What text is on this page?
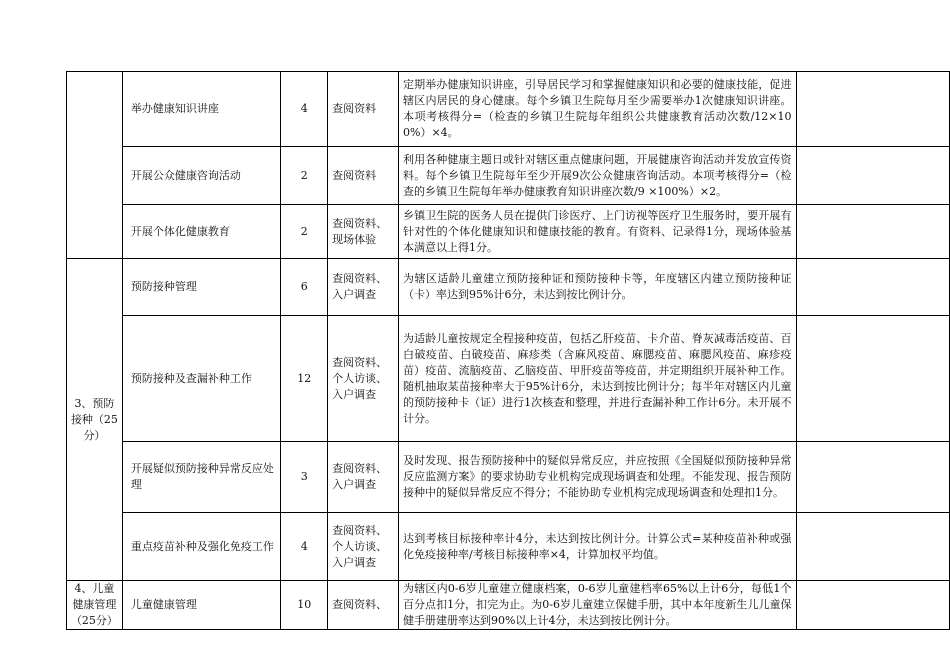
	举办健康知识讲座	4	查阅资料	定期举办健康知识讲座，引导居民学习和掌握健康知识和必要的健康技能，促进辖区内居民的身心健康。每个乡镇卫生院每月至少需要举办1次健康知识讲座。本项考核得分=（检查的乡镇卫生院每年组织公共健康教育活动次数/12×100%）×4。	
	开展公众健康咨询活动	2	查阅资料	利用各种健康主题日或针对辖区重点健康问题，开展健康咨询活动并发放宣传资料。每个乡镇卫生院每年至少开展9次公众健康咨询活动。本项考核得分=（检查的乡镇卫生院每年举办健康教育知识讲座次数/9 ×100%）×2。	
	开展个体化健康教育	2	查阅资料、现场体验	乡镇卫生院的医务人员在提供门诊医疗、上门访视等医疗卫生服务时，要开展有针对性的个体化健康知识和健康技能的教育。有资料、记录得1分，现场体验基本满意以上得1分。	
3、预防接种（25分）	预防接种管理	6	查阅资料、入户调查	为辖区适龄儿童建立预防接种证和预防接种卡等，年度辖区内建立预防接种证（卡）率达到95%计6分，未达到按比例计分。	
	预防接种及查漏补种工作	12	查阅资料、个人访谈、入户调查	为适龄儿童按规定全程接种疫苗，包括乙肝疫苗、卡介苗、脊灰减毒活疫苗、百白破疫苗、白破疫苗、麻疹类（含麻风疫苗、麻腮疫苗、麻腮风疫苗、麻疹疫苗）疫苗、流脑疫苗、乙脑疫苗、甲肝疫苗等疫苗，并定期组织开展补种工作。随机抽取某苗接种率大于95%计6分，未达到按比例计分；每半年对辖区内儿童的预防接种卡（证）进行1次核查和整理，并进行查漏补种工作计6分。未开展不计分。	
	开展疑似预防接种异常反应处理	3	查阅资料、入户调查	及时发现、报告预防接种中的疑似异常反应，并应按照《全国疑似预防接种异常反应监测方案》的要求协助专业机构完成现场调查和处理。不能发现、报告预防接种中的疑似异常反应不得分；不能协助专业机构完成现场调查和处理扣1分。	
	重点疫苗补种及强化免疫工作	4	查阅资料、个人访谈、入户调查	达到考核目标接种率计4分，未达到按比例计分。计算公式=某种疫苗补种或强化免疫接种率/考核目标接种率×4，计算加权平均值。	
4、儿童健康管理（25分）	儿童健康管理	10	查阅资料、	为辖区内0-6岁儿童建立健康档案，0-6岁儿童建档率65%以上计6分，每低1个百分点扣1分，扣完为止。为0-6岁儿童建立保健手册，其中本年度新生儿儿童保健手册建册率达到90%以上计4分，未达到按比例计分。	
